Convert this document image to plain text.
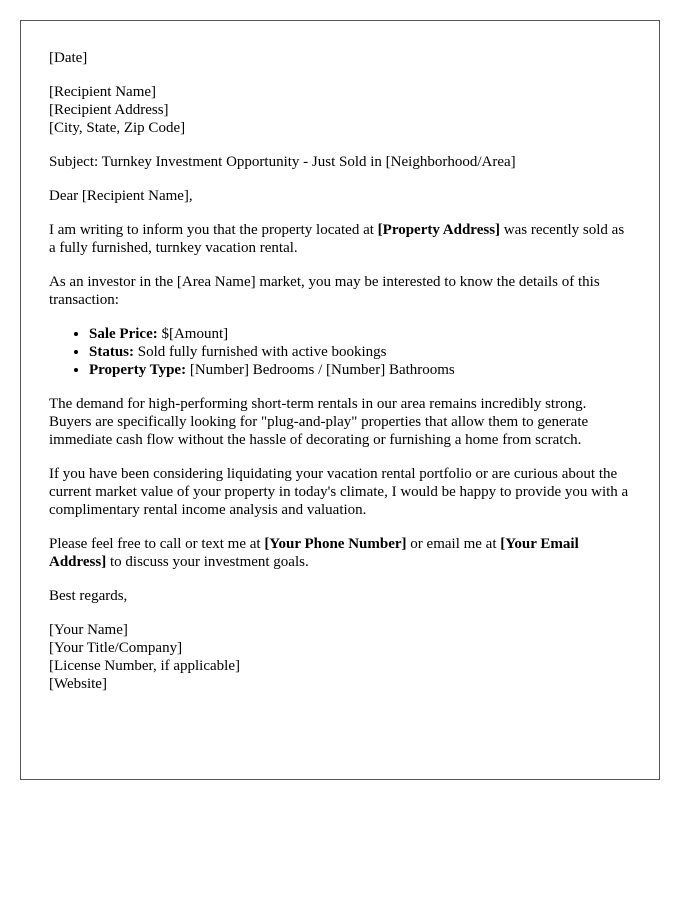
[Date]

[Recipient Name]
[Recipient Address]
[City, State, Zip Code]

Subject: Turnkey Investment Opportunity - Just Sold in [Neighborhood/Area]

Dear [Recipient Name],

I am writing to inform you that the property located at [Property Address] was recently sold as a fully furnished, turnkey vacation rental.

As an investor in the [Area Name] market, you may be interested to know the details of this transaction:

• Sale Price: $[Amount]
• Status: Sold fully furnished with active bookings
• Property Type: [Number] Bedrooms / [Number] Bathrooms

The demand for high-performing short-term rentals in our area remains incredibly strong. Buyers are specifically looking for "plug-and-play" properties that allow them to generate immediate cash flow without the hassle of decorating or furnishing a home from scratch.

If you have been considering liquidating your vacation rental portfolio or are curious about the current market value of your property in today's climate, I would be happy to provide you with a complimentary rental income analysis and valuation.

Please feel free to call or text me at [Your Phone Number] or email me at [Your Email Address] to discuss your investment goals.

Best regards,

[Your Name]
[Your Title/Company]
[License Number, if applicable]
[Website]
